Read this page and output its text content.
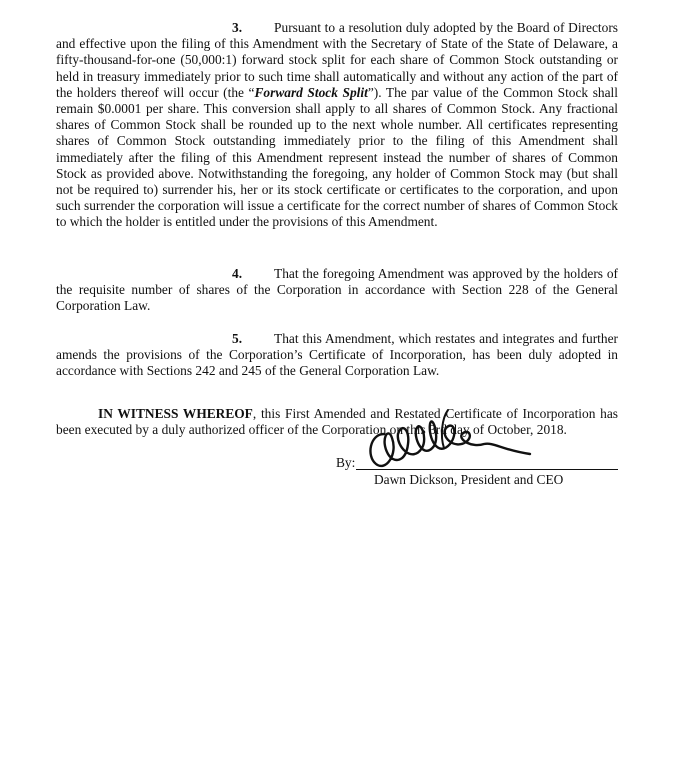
3. Pursuant to a resolution duly adopted by the Board of Directors and effective upon the filing of this Amendment with the Secretary of State of the State of Delaware, a fifty-thousand-for-one (50,000:1) forward stock split for each share of Common Stock outstanding or held in treasury immediately prior to such time shall automatically and without any action of the part of the holders thereof will occur (the “Forward Stock Split”). The par value of the Common Stock shall remain $0.0001 per share. This conversion shall apply to all shares of Common Stock. Any fractional shares of Common Stock shall be rounded up to the next whole number. All certificates representing shares of Common Stock outstanding immediately prior to the filing of this Amendment shall immediately after the filing of this Amendment represent instead the number of shares of Common Stock as provided above. Notwithstanding the foregoing, any holder of Common Stock may (but shall not be required to) surrender his, her or its stock certificate or certificates to the corporation, and upon such surrender the corporation will issue a certificate for the correct number of shares of Common Stock to which the holder is entitled under the provisions of this Amendment.

4. That the foregoing Amendment was approved by the holders of the requisite number of shares of the Corporation in accordance with Section 228 of the General Corporation Law.

5. That this Amendment, which restates and integrates and further amends the provisions of the Corporation’s Certificate of Incorporation, has been duly adopted in accordance with Sections 242 and 245 of the General Corporation Law.

IN WITNESS WHEREOF, this First Amended and Restated Certificate of Incorporation has been executed by a duly authorized officer of the Corporation on this 3rd day of October, 2018.

By:
Dawn Dickson, President and CEO
